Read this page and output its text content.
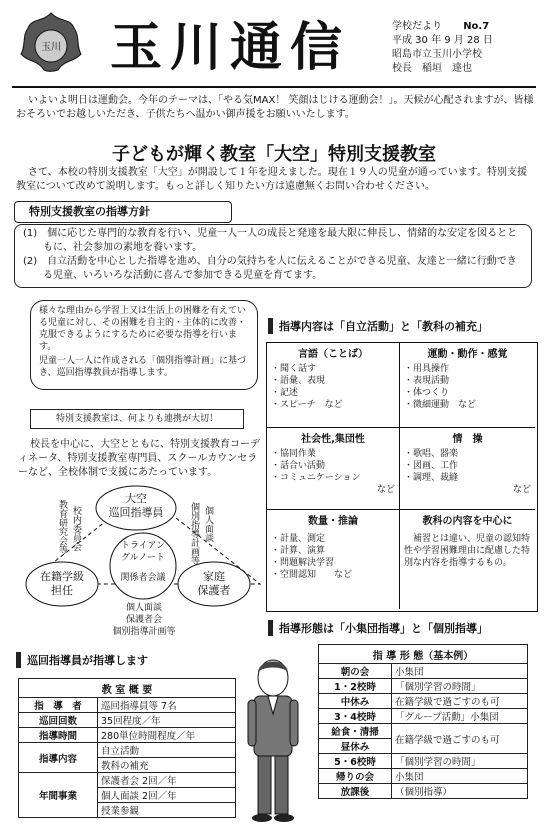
玉川 玉川通信	学校だより No.7
平成 30 年 9 月 28 日
昭島市立玉川小学校
校長　稲垣　達也
いよいよ明日は運動会。今年のテーマは、「やる気MAX！ 笑顔はじける運動会！」。天候が心配されますが、皆様おそろいでお越しいただき、子供たちへ温かい御声援をお願いいたします。
子どもが輝く教室「大空」特別支援教室
さて、本校の特別支援教室「大空」が開設して１年を迎えました。現在１９人の児童が通っています。特別支援教室について改めて説明します。もっと詳しく知りたい方は遠慮無くお問い合わせください。
特別支援教室の指導方針
(1)　個に応じた専門的な教育を行い、児童一人一人の成長と発達を最大限に伸長し、情緒的な安定を図るとともに、社会参加の素地を養います。
(2)　自立活動を中心とした指導を進め、自分の気持ちを人に伝えることができる児童、友達と一緒に行動できる児童、いろいろな活動に喜んで参加できる児童を育てます。
様々な理由から学習上又は生活上の困難を有えている児童に対し、その困難を自主的・主体的に改善・克服できるようにするために必要な指導を行います。
児童一人一人に作成される「個別指導計画」に基づき、巡回指導教員が指導します。
特別支援教室は、何よりも連携が大切！
校長を中心に、大空とともに、特別支援教育コーディネータ、特別支援教室専門員、スクールカウンセラーなど、全校体制で支援にあたっています。
大空
巡回指導員
トライアン
グルノート
関係者会議
在籍学級
担任
家庭
保護者
校内委員会
教育研究会等	個別指導計画等 個人面談
個人面談
保護者会
個別指導計画等
指導内容は「自立活動」と「教科の補充」
言語（ことば）
・聞く話す
・語彙、表現
・記述
・スピーチ　など
運動・動作・感覚
・用具操作
・表現活動
・体つくり
・微細運動　など
社会性,集団性
・協同作業
・話合い活動
・コミュニケーション
など
情　操
・歌唱、器楽
・図画、工作
・調理、裁縫
など
数量・推論
・計量、測定
・計算、演算
・問題解決学習
・空間認知　　など
教科の内容を中心に
補習とは違い、児童の認知特性や学習困難理由に配慮した特別な内容を指導するもの。
指導形態は「小集団指導」と「個別指導」
指 導 形 態（基本例）	
朝の会	小集団
1・2校時	「個別学習の時間」
中休み	在籍学級で過ごすのも可
3・4校時	「グループ活動」小集団
給食・清掃	在籍学級で過ごすのも可
昼休み	
5・6校時	「個別学習の時間」
帰りの会	小集団
放課後	（個別指導）
巡回指導員が指導します
教 室 概 要	
指　導　者	巡回指導員等 7名
巡回回数	35回程度／年
指導時間	280単位時間程度／年
指導内容	自立活動
	教科の補充
年間事業	保護者会 2回／年
	個人面談 2回／年
	授業参観
